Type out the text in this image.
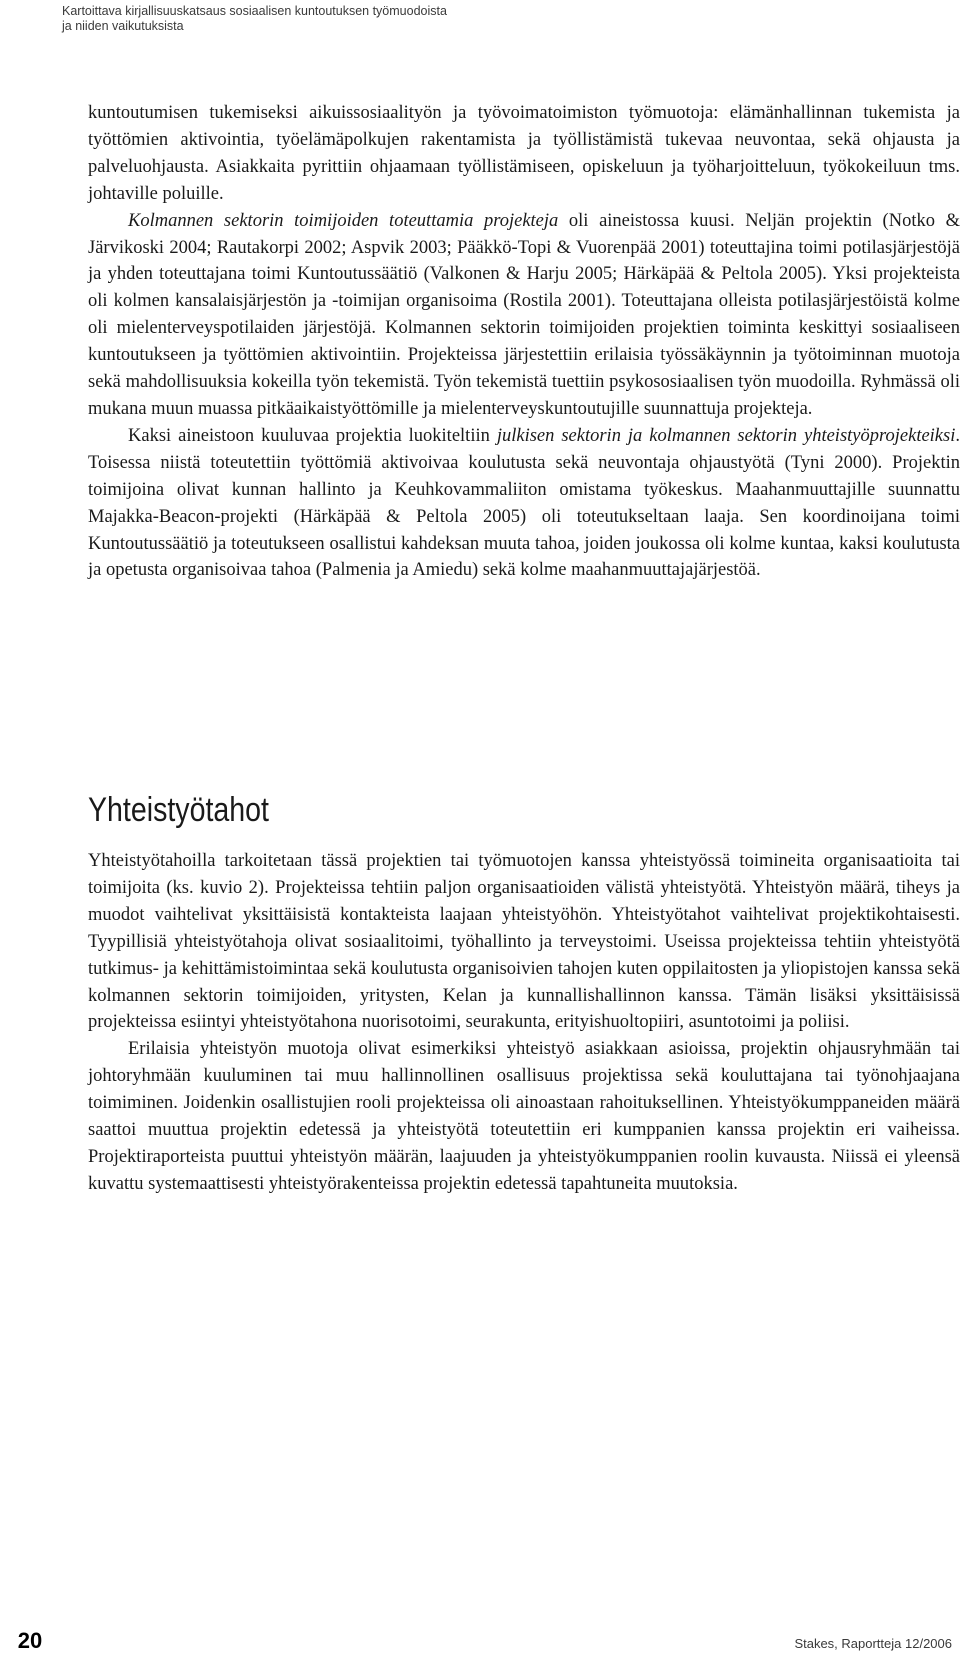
Kartoittava kirjallisuuskatsaus sosiaalisen kuntoutuksen työmuodoista
ja niiden vaikutuksista

kuntoutumisen tukemiseksi aikuissosiaalityön ja työvoimatoimiston työmuotoja: elämänhallinnan tukemista ja työttömien aktivointia, työelämäpolkujen rakentamista ja työllistämistä tukevaa neuvontaa, sekä ohjausta ja palveluohjausta. Asiakkaita pyrittiin ohjaamaan työllistämiseen, opiskeluun ja työharjoitteluun, työkokeiluun tms. johtaville poluille.

Kolmannen sektorin toimijoiden toteuttamia projekteja oli aineistossa kuusi. Neljän projektin (Notko & Järvikoski 2004; Rautakorpi 2002; Aspvik 2003; Pääkkö-Topi & Vuorenpää 2001) toteuttajina toimi potilasjärjestöjä ja yhden toteuttajana toimi Kuntoutussäätiö (Valkonen & Harju 2005; Härkäpää & Peltola 2005). Yksi projekteista oli kolmen kansalaisjärjestön ja -toimijan organisoima (Rostila 2001). Toteuttajana olleista potilasjärjestöistä kolme oli mielenterveyspotilaiden järjestöjä. Kolmannen sektorin toimijoiden projektien toiminta keskittyi sosiaaliseen kuntoutukseen ja työttömien aktivointiin. Projekteissa järjestettiin erilaisia työssäkäynnin ja työtoiminnan muotoja sekä mahdollisuuksia kokeilla työn tekemistä. Työn tekemistä tuettiin psykososiaalisen työn muodoilla. Ryhmässä oli mukana muun muassa pitkäaikaistyöttömille ja mielenterveyskuntoutujille suunnattuja projekteja.

Kaksi aineistoon kuuluvaa projektia luokiteltiin julkisen sektorin ja kolmannen sektorin yhteistyöprojekteiksi. Toisessa niistä toteutettiin työttömiä aktivoivaa koulutusta sekä neuvontaja ohjaustyötä (Tyni 2000). Projektin toimijoina olivat kunnan hallinto ja Keuhkovammaliiton omistama työkeskus. Maahanmuuttajille suunnattu Majakka-Beacon-projekti (Härkäpää & Peltola 2005) oli toteutukseltaan laaja. Sen koordinoijana toimi Kuntoutussäätiö ja toteutukseen osallistui kahdeksan muuta tahoa, joiden joukossa oli kolme kuntaa, kaksi koulutusta ja opetusta organisoivaa tahoa (Palmenia ja Amiedu) sekä kolme maahanmuuttajajärjestöä.

Yhteistyötahot

Yhteistyötahoilla tarkoitetaan tässä projektien tai työmuotojen kanssa yhteistyössä toimineita organisaatioita tai toimijoita (ks. kuvio 2). Projekteissa tehtiin paljon organisaatioiden välistä yhteistyötä. Yhteistyön määrä, tiheys ja muodot vaihtelivat yksittäisistä kontakteista laajaan yhteistyöhön. Yhteistyötahot vaihtelivat projektikohtaisesti. Tyypillisiä yhteistyötahoja olivat sosiaalitoimi, työhallinto ja terveystoimi. Useissa projekteissa tehtiin yhteistyötä tutkimus- ja kehittämistoimintaa sekä koulutusta organisoivien tahojen kuten oppilaitosten ja yliopistojen kanssa sekä kolmannen sektorin toimijoiden, yritysten, Kelan ja kunnallishallinnon kanssa. Tämän lisäksi yksittäisissä projekteissa esiintyi yhteistyötahona nuorisotoimi, seurakunta, erityishuoltopiiri, asuntotoimi ja poliisi.

Erilaisia yhteistyön muotoja olivat esimerkiksi yhteistyö asiakkaan asioissa, projektin ohjausryhmään tai johtoryhmään kuuluminen tai muu hallinnollinen osallisuus projektissa sekä kouluttajana tai työnohjaajana toimiminen. Joidenkin osallistujien rooli projekteissa oli ainoastaan rahoituksellinen. Yhteistyökumppaneiden määrä saattoi muuttua projektin edetessä ja yhteistyötä toteutettiin eri kumppanien kanssa projektin eri vaiheissa. Projektiraporteista puuttui yhteistyön määrän, laajuuden ja yhteistyökumppanien roolin kuvausta. Niissä ei yleensä kuvattu systemaattisesti yhteistyörakenteissa projektin edetessä tapahtuneita muutoksia.

20	Stakes, Raportteja 12/2006
